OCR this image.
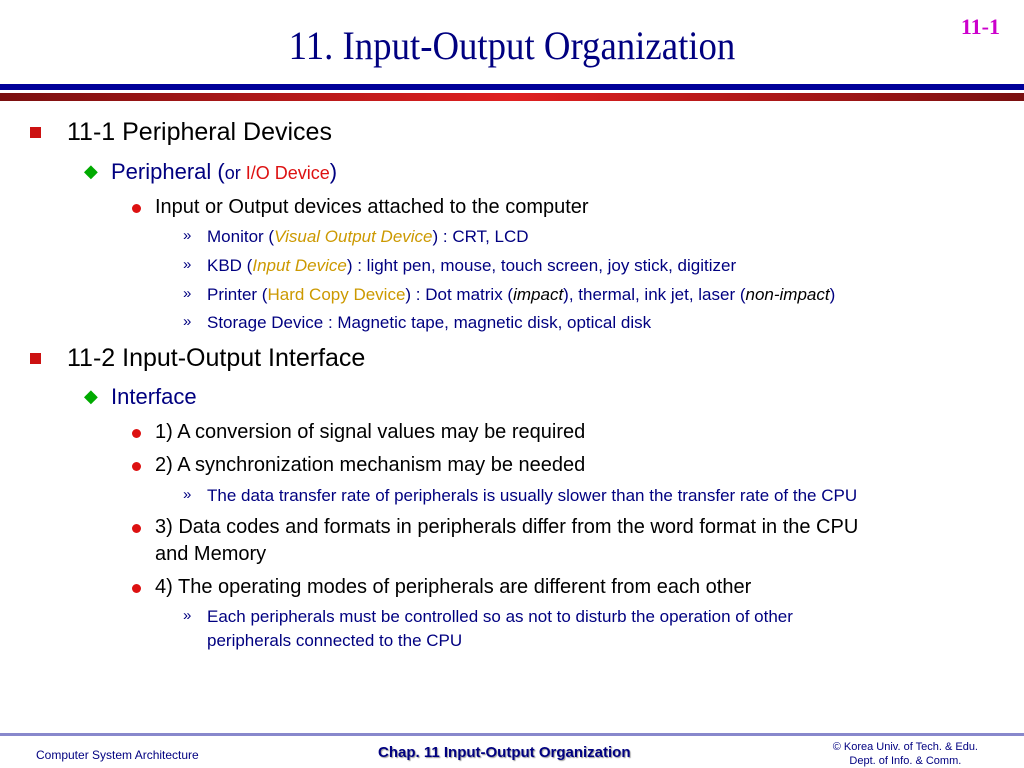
11. Input-Output Organization	11-1
11-1 Peripheral Devices
◆ Peripheral (or I/O Device)
Input or Output devices attached to the computer
» Monitor (Visual Output Device) : CRT, LCD
» KBD (Input Device) : light pen, mouse, touch screen, joy stick, digitizer
» Printer (Hard Copy Device) : Dot matrix (impact), thermal, ink jet, laser (non-impact)
» Storage Device : Magnetic tape, magnetic disk, optical disk
11-2 Input-Output Interface
◆ Interface
1) A conversion of signal values may be required
2) A synchronization mechanism may be needed
» The data transfer rate of peripherals is usually slower than the transfer rate of the CPU
3) Data codes and formats in peripherals differ from the word format in the CPU
and Memory
4) The operating modes of peripherals are different from each other
» Each peripherals must be controlled so as not to disturb the operation of other
peripherals connected to the CPU
Computer System Architecture	Chap. 11 Input-Output Organization	© Korea Univ. of Tech. & Edu.
Dept. of Info. & Comm.
